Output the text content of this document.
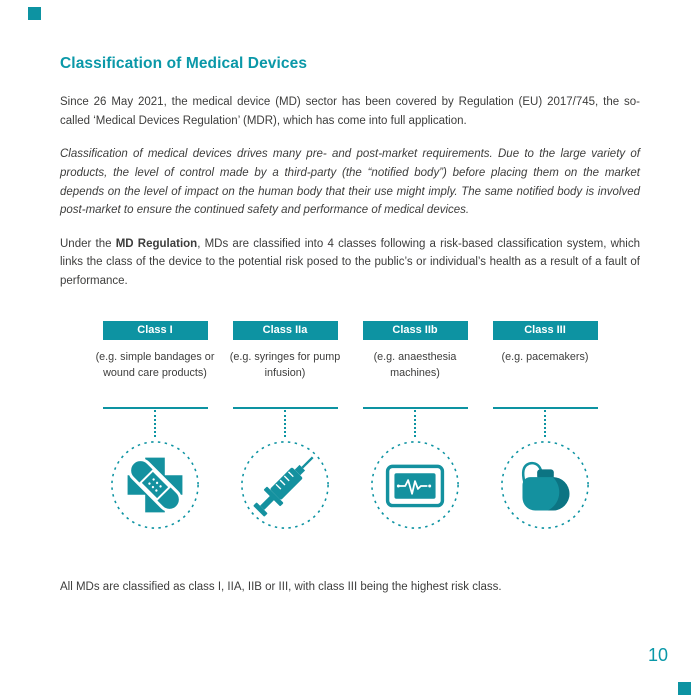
Classification of Medical Devices

Since 26 May 2021, the medical device (MD) sector has been covered by Regulation (EU) 2017/745, the so-called ‘Medical Devices Regulation’ (MDR), which has come into full application.

Classification of medical devices drives many pre- and post-market requirements. Due to the large variety of products, the level of control made by a third-party (the “notified body”) before placing them on the market depends on the level of impact on the human body that their use might imply. The same notified body is involved post-market to ensure the continued safety and performance of medical devices.

Under the MD Regulation, MDs are classified into 4 classes following a risk-based classification system, which links the class of the device to the potential risk posed to the public’s or individual’s health as a result of a fault of performance.

Class I
(e.g. simple bandages or wound care products)
Class IIa
(e.g. syringes for pump infusion)
Class IIb
(e.g. anaesthesia machines)
Class III
(e.g. pacemakers)

All MDs are classified as class I, IIA, IIB or III, with class III being the highest risk class.

10
